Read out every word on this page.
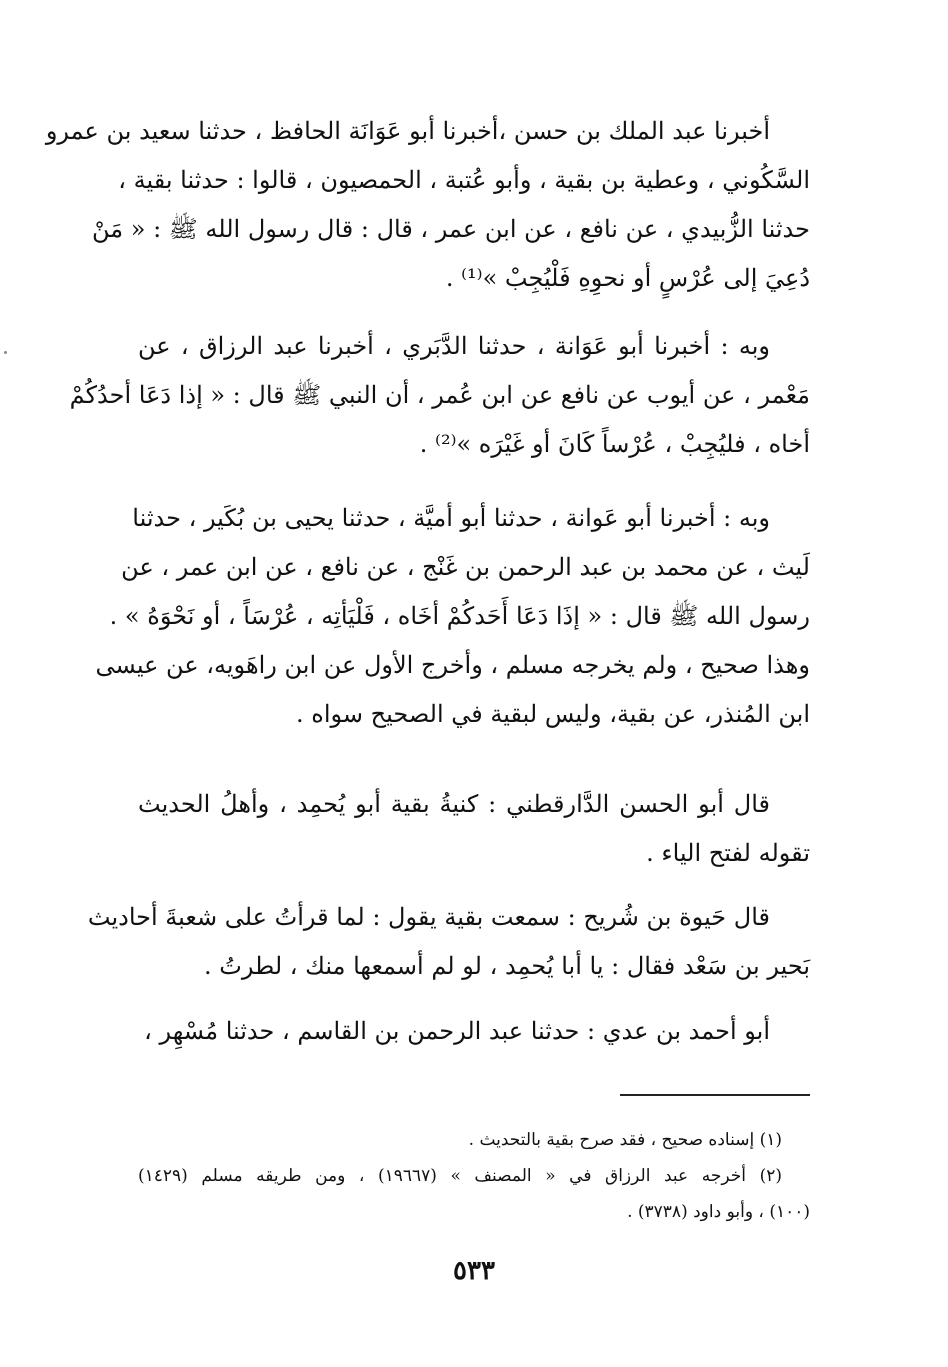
أخبرنا عبد الملك بن حسن ،أخبرنا أبو عَوَانَة الحافظ ، حدثنا سعيد بن عمرو
السَّكُوني ، وعطية بن بقية ، وأبو عُتبة ، الحمصيون ، قالوا : حدثنا بقية ،
حدثنا الزُّبيدي ، عن نافع ، عن ابن عمر ، قال : قال رسول الله ﷺ : « مَنْ
دُعِيَ إلى عُرْسٍ أو نحوِهِ فَلْيُجِبْ »⁽¹⁾ .
وبه : أخبرنا أبو عَوَانة ، حدثنا الدَّبَري ، أخبرنا عبد الرزاق ، عن
مَعْمر ، عن أيوب عن نافع عن ابن عُمر ، أن النبي ﷺ قال : « إذا دَعَا أحدُكُمْ
أخاه ، فليُجِبْ ، عُرْساً كَانَ أو غَيْرَه »⁽²⁾ .
وبه : أخبرنا أبو عَوانة ، حدثنا أبو أميَّة ، حدثنا يحيى بن بُكَير ، حدثنا
لَيث ، عن محمد بن عبد الرحمن بن غَنْج ، عن نافع ، عن ابن عمر ، عن
رسول الله ﷺ قال : « إذَا دَعَا أَحَدكُمْ أخَاه ، فَلْيَأتِه ، عُرْسَاً ، أو نَحْوَهُ » .
وهذا صحيح ، ولم يخرجه مسلم ، وأخرج الأول عن ابن راهَويه، عن عيسى
ابن المُنذر، عن بقية، وليس لبقية في الصحيح سواه .
قال أبو الحسن الدَّارقطني : كنيةُ بقية أبو يُحمِد ، وأهلُ الحديث
تقوله لفتح الياء .
قال حَيوة بن شُريح : سمعت بقية يقول : لما قرأتُ على شعبةَ أحاديث
بَحير بن سَعْد فقال : يا أبا يُحمِد ، لو لم أسمعها منك ، لطرتُ .
أبو أحمد بن عدي : حدثنا عبد الرحمن بن القاسم ، حدثنا مُسْهِر ،
(١) إسناده صحيح ، فقد صرح بقية بالتحديث .
(٢) أخرجه عبد الرزاق في « المصنف » (١٩٦٦٧) ، ومن طريقه مسلم (١٤٢٩)
(١٠٠) ، وأبو داود (٣٧٣٨) .
٥٣٣
